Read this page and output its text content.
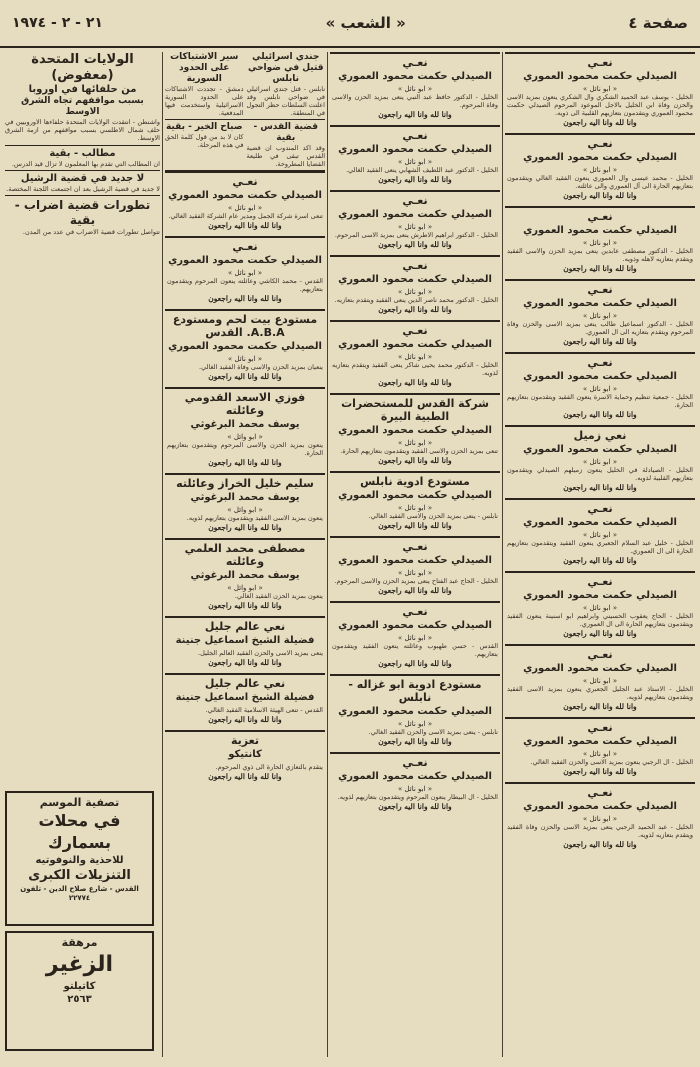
صفحة ٤
« الشعب »
٢١ - ٢ - ١٩٧٤
نعـي
الصيدلي حكمت محمود العموري
« ابو نائل »
الخليل - يوسف عبد الحميد الشكري وال الشكري ينعون بمزيد الاسى والحزن وفاة ابن الخليل بالاجل الموعود المرحوم الصيدلي حكمت محمود العموري ويتقدمون بتعازيهم القلبية الى ذويه.
وانا لله وانا اليه راجعون
نعـي
الصيدلي حكمت محمود العموري
« ابو نائل »
الخليل - محمد عيسى وال العموري ينعون الفقيد الغالي ويتقدمون بتعازيهم الحارة الى آل العموري والى عائلته.
وانا لله وانا اليه راجعون
نعـي
الصيدلي حكمت محمود العموري
« ابو نائل »
الخليل - الدكتور مصطفى عابدين ينعى بمزيد الحزن والاسى الفقيد ويتقدم بتعازيه لاهله وذويه.
وانا لله وانا اليه راجعون
نعـي
الصيدلي حكمت محمود العموري
« ابو نائل »
الخليل - الدكتور اسماعيل طالب ينعى بمزيد الاسى والحزن وفاة المرحوم ويتقدم بتعازيه الى ال العموري.
وانا لله وانا اليه راجعون
نعـي
الصيدلي حكمت محمود العموري
« ابو نائل »
الخليل - جمعية تنظيم وحماية الاسرة ينعون الفقيد ويتقدمون بتعازيهم الحارة.
وانا لله وانا اليه راجعون
نعي زميل
الصيدلي حكمت محمود العموري
« ابو نائل »
الخليل - الصيادلة في الخليل ينعون زميلهم الصيدلي ويتقدمون بتعازيهم القلبية لذويه.
وانا لله وانا اليه راجعون
نعـي
الصيدلي حكمت محمود العموري
« ابو نائل »
الخليل - خليل عبد السلام الجعبري ينعون الفقيد ويتقدمون بتعازيهم الحارة الى ال العموري.
وانا لله وانا اليه راجعون
نعـي
الصيدلي حكمت محمود العموري
« ابو نائل »
الخليل - الحاج يعقوب الحسيني وابراهيم ابو اسنينة ينعون الفقيد ويتقدمون بتعازيهم الحارة الى ال العموري.
وانا لله وانا اليه راجعون
نعـي
الصيدلي حكمت محمود العموري
« ابو نائل »
الخليل - الاستاذ عبد الجليل الجعبري ينعون بمزيد الاسى الفقيد ويتقدمون بتعازيهم لذويه.
وانا لله وانا اليه راجعون
نعـي
الصيدلي حكمت محمود العموري
« ابو نائل »
الخليل - ال الرجبي ينعون بمزيد الاسى والحزن الفقيد الغالي.
وانا لله وانا اليه راجعون
نعـي
الصيدلي حكمت محمود العموري
« ابو نائل »
الخليل - عبد الحميد الرجبي ينعى بمزيد الاسى والحزن وفاة الفقيد ويتقدم بتعازيه لذويه.
وانا لله وانا اليه راجعون
نعـي
الصيدلي حكمت محمود العموري
« ابو نائل »
الخليل - الدكتور حافظ عبد النبي ينعى بمزيد الحزن والاسى وفاة المرحوم.
وانا لله وانا اليه راجعون
نعـي
الصيدلي حكمت محمود العموري
« ابو نائل »
الخليل - الدكتور عبد اللطيف الشهابي ينعى الفقيد الغالي.
وانا لله وانا اليه راجعون
نعـي
الصيدلي حكمت محمود العموري
« ابو نائل »
الخليل - الدكتور ابراهيم الاطرش ينعى بمزيد الاسى المرحوم.
وانا لله وانا اليه راجعون
نعـي
الصيدلي حكمت محمود العموري
« ابو نائل »
الخليل - الدكتور محمد ناصر الدين ينعى الفقيد ويتقدم بتعازيه.
وانا لله وانا اليه راجعون
نعـي
الصيدلي حكمت محمود العموري
« ابو نائل »
الخليل - الدكتور محمد يحيى شاكر ينعى الفقيد ويتقدم بتعازيه لذويه.
وانا لله وانا اليه راجعون
شركة القدس للمستحضرات الطبية البيرة
الصيدلي حكمت محمود العموري
« ابو نائل »
تنعى بمزيد الحزن والاسى الفقيد ويتقدمون بتعازيهم الحارة.
وانا لله وانا اليه راجعون
مستودع ادوية نابلس
الصيدلي حكمت محمود العموري
« ابو نائل »
نابلس - ينعى بمزيد الحزن والاسى الفقيد الغالي.
وانا لله وانا اليه راجعون
نعـي
الصيدلي حكمت محمود العموري
« ابو نائل »
الخليل - الحاج عبد الفتاح ينعى بمزيد الحزن والاسى المرحوم.
وانا لله وانا اليه راجعون
نعـي
الصيدلي حكمت محمود العموري
« ابو نائل »
القدس - حسن طهبوب وعائلته ينعون الفقيد ويتقدمون بتعازيهم.
وانا لله وانا اليه راجعون
مستودع ادوية ابو غزاله - نابلس
الصيدلي حكمت محمود العموري
« ابو نائل »
نابلس - ينعى بمزيد الاسى والحزن الفقيد الغالي.
وانا لله وانا اليه راجعون
نعـي
الصيدلي حكمت محمود العموري
« ابو نائل »
الخليل - ال البيطار ينعون المرحوم ويتقدمون بتعازيهم لذويه.
وانا لله وانا اليه راجعون
جندي اسرائيلي قتيل في ضواحي نابلس
نابلس - قتل جندي اسرائيلي في ضواحي نابلس وقد اعلنت السلطات حظر التجول في المنطقة.
سير الاشتباكات على الحدود السورية
دمشق - تجددت الاشتباكات على الحدود السورية الاسرائيلية واستخدمت فيها المدفعية.
قضية القدس - بقية
وقد اكد المندوب ان قضية القدس تبقى في طليعة القضايا المطروحة.
صباح الخير - بقية
كان لا بد من قول كلمة الحق في هذه المرحلة.
نعـي
الصيدلي حكمت محمود العموري
« ابو نائل »
تنعى اسرة شركة الجمل ومدير عام الشركة الفقيد الغالي.
وانا لله وانا اليه راجعون
نعـي
الصيدلي حكمت محمود العموري
« ابو نائل »
القدس - محمد الكاشي وعائلته ينعون المرحوم ويتقدمون بتعازيهم.
وانا لله وانا اليه راجعون
مستودع بيت لحم ومستودع A.B.A. القدس
الصيدلي حكمت محمود العموري
« ابو نائل »
ينعيان بمزيد الحزن والاسى وفاة الفقيد الغالي.
وانا لله وانا اليه راجعون
فوزي الاسعد القدومي وعائلته
يوسف محمد البرغوثي
« ابو وائل »
ينعون بمزيد الحزن والاسى المرحوم ويتقدمون بتعازيهم الحارة.
وانا لله وانا اليه راجعون
سليم خليل الخراز وعائلته
يوسف محمد البرغوثي
« ابو وائل »
ينعون بمزيد الاسى الفقيد ويتقدمون بتعازيهم لذويه.
وانا لله وانا اليه راجعون
مصطفى محمد العلمي وعائلته
يوسف محمد البرغوثي
« ابو وائل »
ينعون بمزيد الحزن الفقيد الغالي.
وانا لله وانا اليه راجعون
نعي عالم جليل
فضيلة الشيخ اسماعيل جنينة
ينعى بمزيد الاسى والحزن الفقيد العالم الجليل.
وانا لله وانا اليه راجعون
نعي عالم جليل
فضيلة الشيخ اسماعيل جنينة
القدس - تنعى الهيئة الاسلامية الفقيد الغالي.
وانا لله وانا اليه راجعون
تعزية
كانتيكو
يتقدم بالتعازي الحارة الى ذوي المرحوم.
وانا لله وانا اليه راجعون
الولايات المتحدة (معفوض)
من حلفائها في اوروبا
بسبب مواقفهم تجاه الشرق الاوسط
واشنطن - انتقدت الولايات المتحدة حلفاءها الاوروبيين في حلف شمال الاطلسي بسبب مواقفهم من ازمة الشرق الاوسط.
مطالب - بقية
ان المطالب التي تقدم بها المعلمون لا تزال قيد الدرس.
لا جديد في قضية الرشيل
لا جديد في قضية الرشيل بعد ان اجتمعت اللجنة المختصة.
تطورات قضية اضراب - بقية
تتواصل تطورات قضية الاضراب في عدد من المدن.
تصفية الموسم
في محلات بسمارك
للاحذية والنوفوتيه
التنزيلات الكبرى
القدس - شارع صلاح الدين - تلفون ٢٢٧٧٤
مرهقة
الزغير
كاتيلتو
٢٥٦٣
